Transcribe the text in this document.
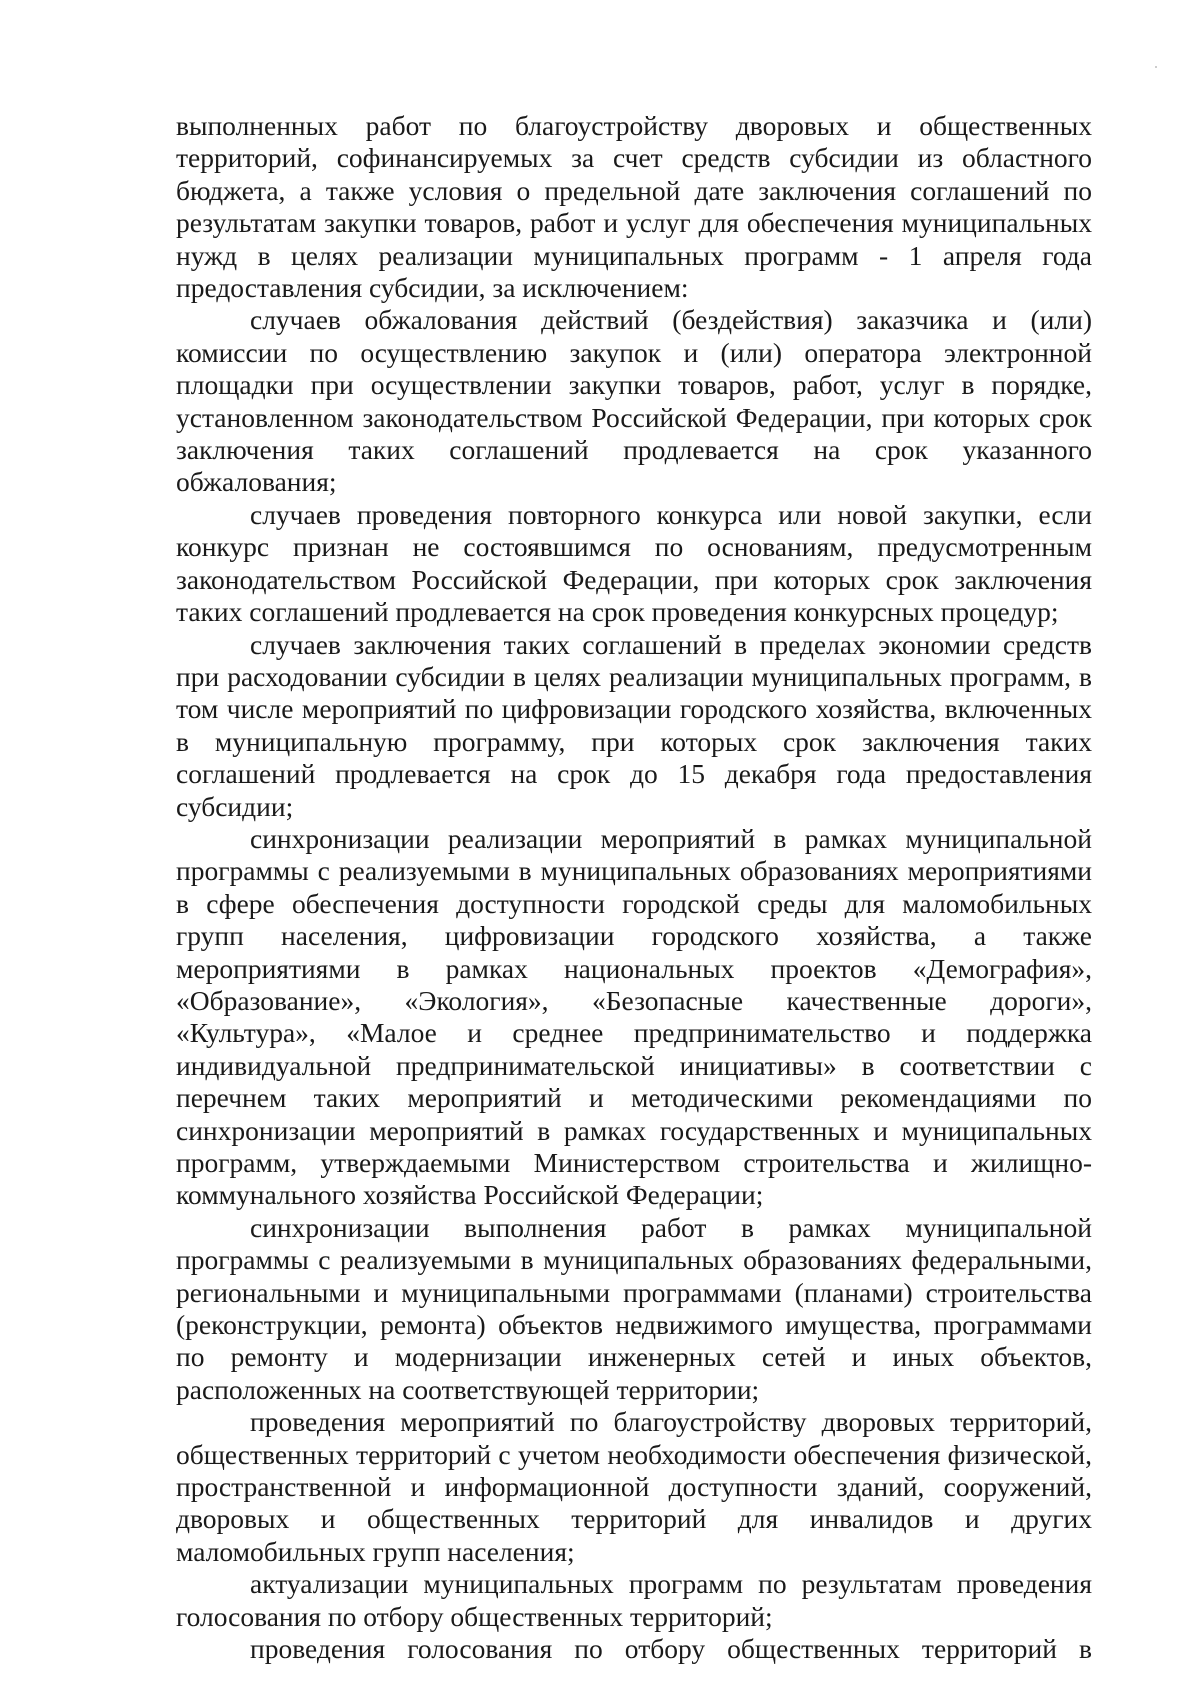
выполненных работ по благоустройству дворовых и общественных территорий, софинансируемых за счет средств субсидии из областного бюджета, а также условия о предельной дате заключения соглашений по результатам закупки товаров, работ и услуг для обеспечения муниципальных нужд в целях реализации муниципальных программ - 1 апреля года предоставления субсидии, за исключением:

случаев обжалования действий (бездействия) заказчика и (или) комиссии по осуществлению закупок и (или) оператора электронной площадки при осуществлении закупки товаров, работ, услуг в порядке, установленном законодательством Российской Федерации, при которых срок заключения таких соглашений продлевается на срок указанного обжалования;

случаев проведения повторного конкурса или новой закупки, если конкурс признан не состоявшимся по основаниям, предусмотренным законодательством Российской Федерации, при которых срок заключения таких соглашений продлевается на срок проведения конкурсных процедур;

случаев заключения таких соглашений в пределах экономии средств при расходовании субсидии в целях реализации муниципальных программ, в том числе мероприятий по цифровизации городского хозяйства, включенных в муниципальную программу, при которых срок заключения таких соглашений продлевается на срок до 15 декабря года предоставления субсидии;

синхронизации реализации мероприятий в рамках муниципальной программы с реализуемыми в муниципальных образованиях мероприятиями в сфере обеспечения доступности городской среды для маломобильных групп населения, цифровизации городского хозяйства, а также мероприятиями в рамках национальных проектов «Демография», «Образование», «Экология», «Безопасные качественные дороги», «Культура», «Малое и среднее предпринимательство и поддержка индивидуальной предпринимательской инициативы» в соответствии с перечнем таких мероприятий и методическими рекомендациями по синхронизации мероприятий в рамках государственных и муниципальных программ, утверждаемыми Министерством строительства и жилищно-коммунального хозяйства Российской Федерации;

синхронизации выполнения работ в рамках муниципальной программы с реализуемыми в муниципальных образованиях федеральными, региональными и муниципальными программами (планами) строительства (реконструкции, ремонта) объектов недвижимого имущества, программами по ремонту и модернизации инженерных сетей и иных объектов, расположенных на соответствующей территории;

проведения мероприятий по благоустройству дворовых территорий, общественных территорий с учетом необходимости обеспечения физической, пространственной и информационной доступности зданий, сооружений, дворовых и общественных территорий для инвалидов и других маломобильных групп населения;

актуализации муниципальных программ по результатам проведения голосования по отбору общественных территорий;

проведения голосования по отбору общественных территорий в
